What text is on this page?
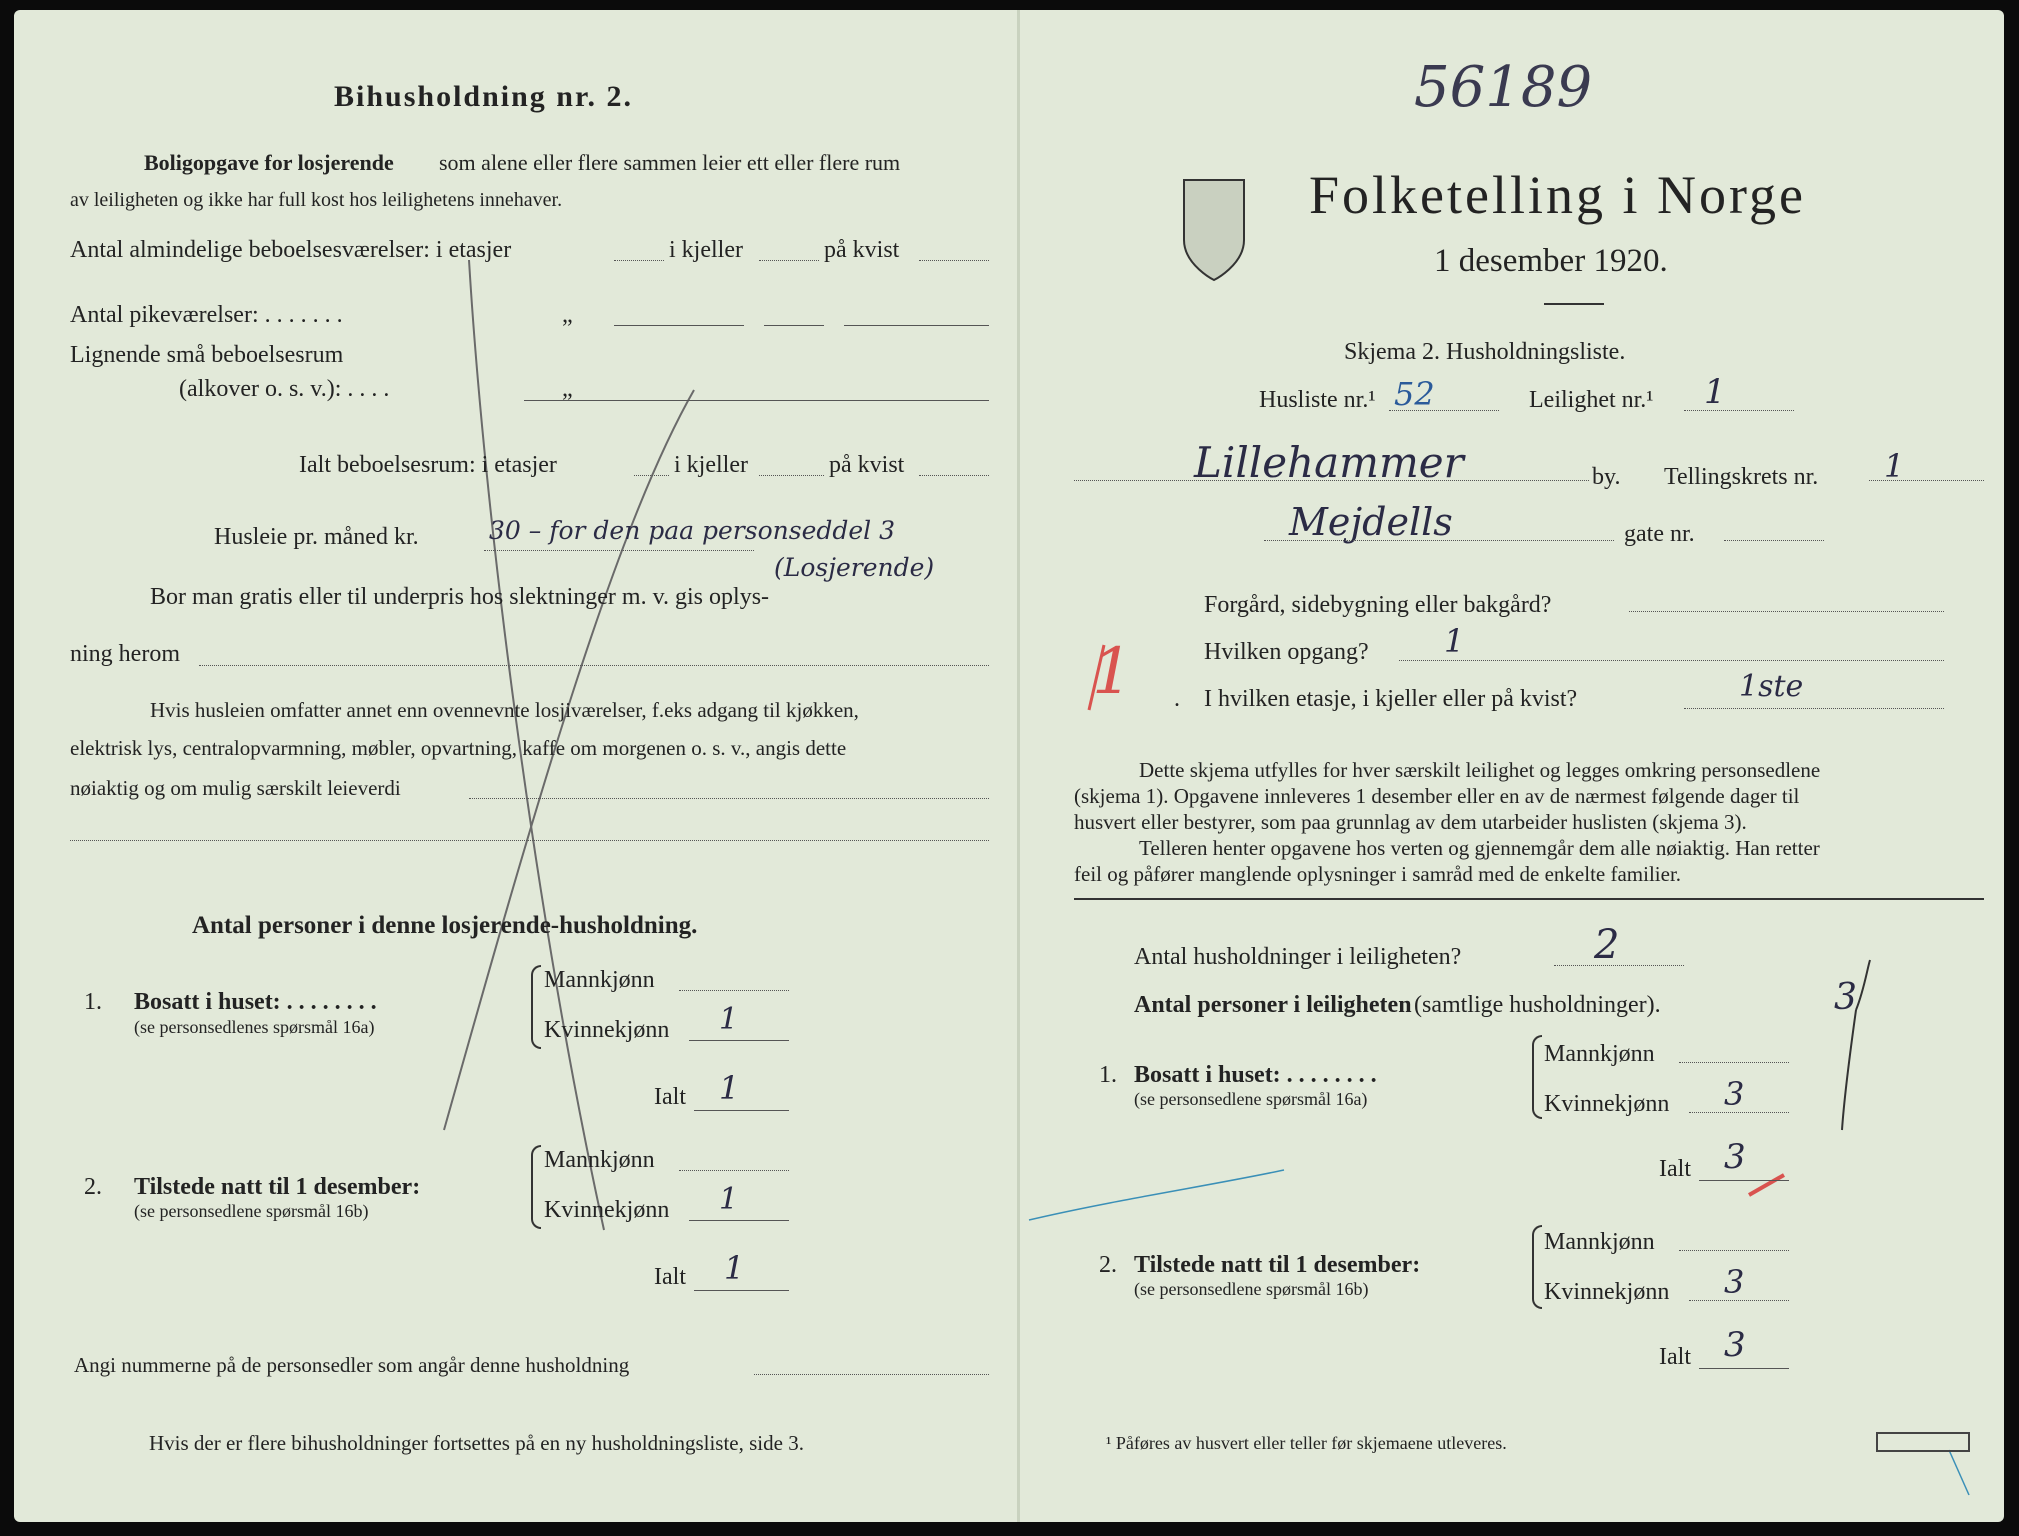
Bihusholdning nr. 2.
Boligopgave for losjerende som alene eller flere sammen leier ett eller flere rum
av leiligheten og ikke har full kost hos leilighetens innehaver.
Antal almindelige beboelsesværelser: i etasjer	i kjeller	på kvist
Antal pikeværelser: . . . . . . .	„
Lignende små beboelsesrum
(alkover o. s. v.): . . . .	„
Ialt beboelsesrum: i etasjer	i kjeller	på kvist
Husleie pr. måned kr.	30 – for den paa personseddel 3
(Losjerende)
Bor man gratis eller til underpris hos slektninger m. v. gis oplys-
ning herom
Hvis husleien omfatter annet enn ovennevnte losjiværelser, f.eks adgang til kjøkken,
elektrisk lys, centralopvarmning, møbler, opvartning, kaffe om morgenen o. s. v., angis dette
nøiaktig og om mulig særskilt leieverdi
Antal personer i denne losjerende-husholdning.
1. Bosatt i huset: . . . . . . . .
(se personsedlenes spørsmål 16a)
Mannkjønn
Kvinnekjønn 1
Ialt 1
2. Tilstede natt til 1 desember:
(se personsedlene spørsmål 16b)
Mannkjønn
Kvinnekjønn 1
Ialt 1
Angi nummerne på de personsedler som angår denne husholdning
Hvis der er flere bihusholdninger fortsettes på en ny husholdningsliste, side 3.
56189
Folketelling i Norge
1 desember 1920.
Skjema 2. Husholdningsliste.
Husliste nr.¹ 52	Leilighet nr.¹ 1
Lillehammer	by. Tellingskrets nr. 1
Mejdells	gate nr.
Forgård, sidebygning eller bakgård?
Hvilken opgang? 1
. I hvilken etasje, i kjeller eller på kvist?	1ste
Dette skjema utfylles for hver særskilt leilighet og legges omkring personsedlene
(skjema 1). Opgavene innleveres 1 desember eller en av de nærmest følgende dager til
husvert eller bestyrer, som paa grunnlag av dem utarbeider huslisten (skjema 3).
Telleren henter opgavene hos verten og gjennemgår dem alle nøiaktig. Han retter
feil og påfører manglende oplysninger i samråd med de enkelte familier.
Antal husholdninger i leiligheten?	2
Antal personer i leiligheten (samtlige husholdninger).	3
1. Bosatt i huset: . . . . . . . .
(se personsedlene spørsmål 16a)
Mannkjønn
Kvinnekjønn 3
Ialt 3
2. Tilstede natt til 1 desember:
(se personsedlene spørsmål 16b)
Mannkjønn
Kvinnekjønn 3
Ialt 3
¹ Påføres av husvert eller teller før skjemaene utleveres.
1
